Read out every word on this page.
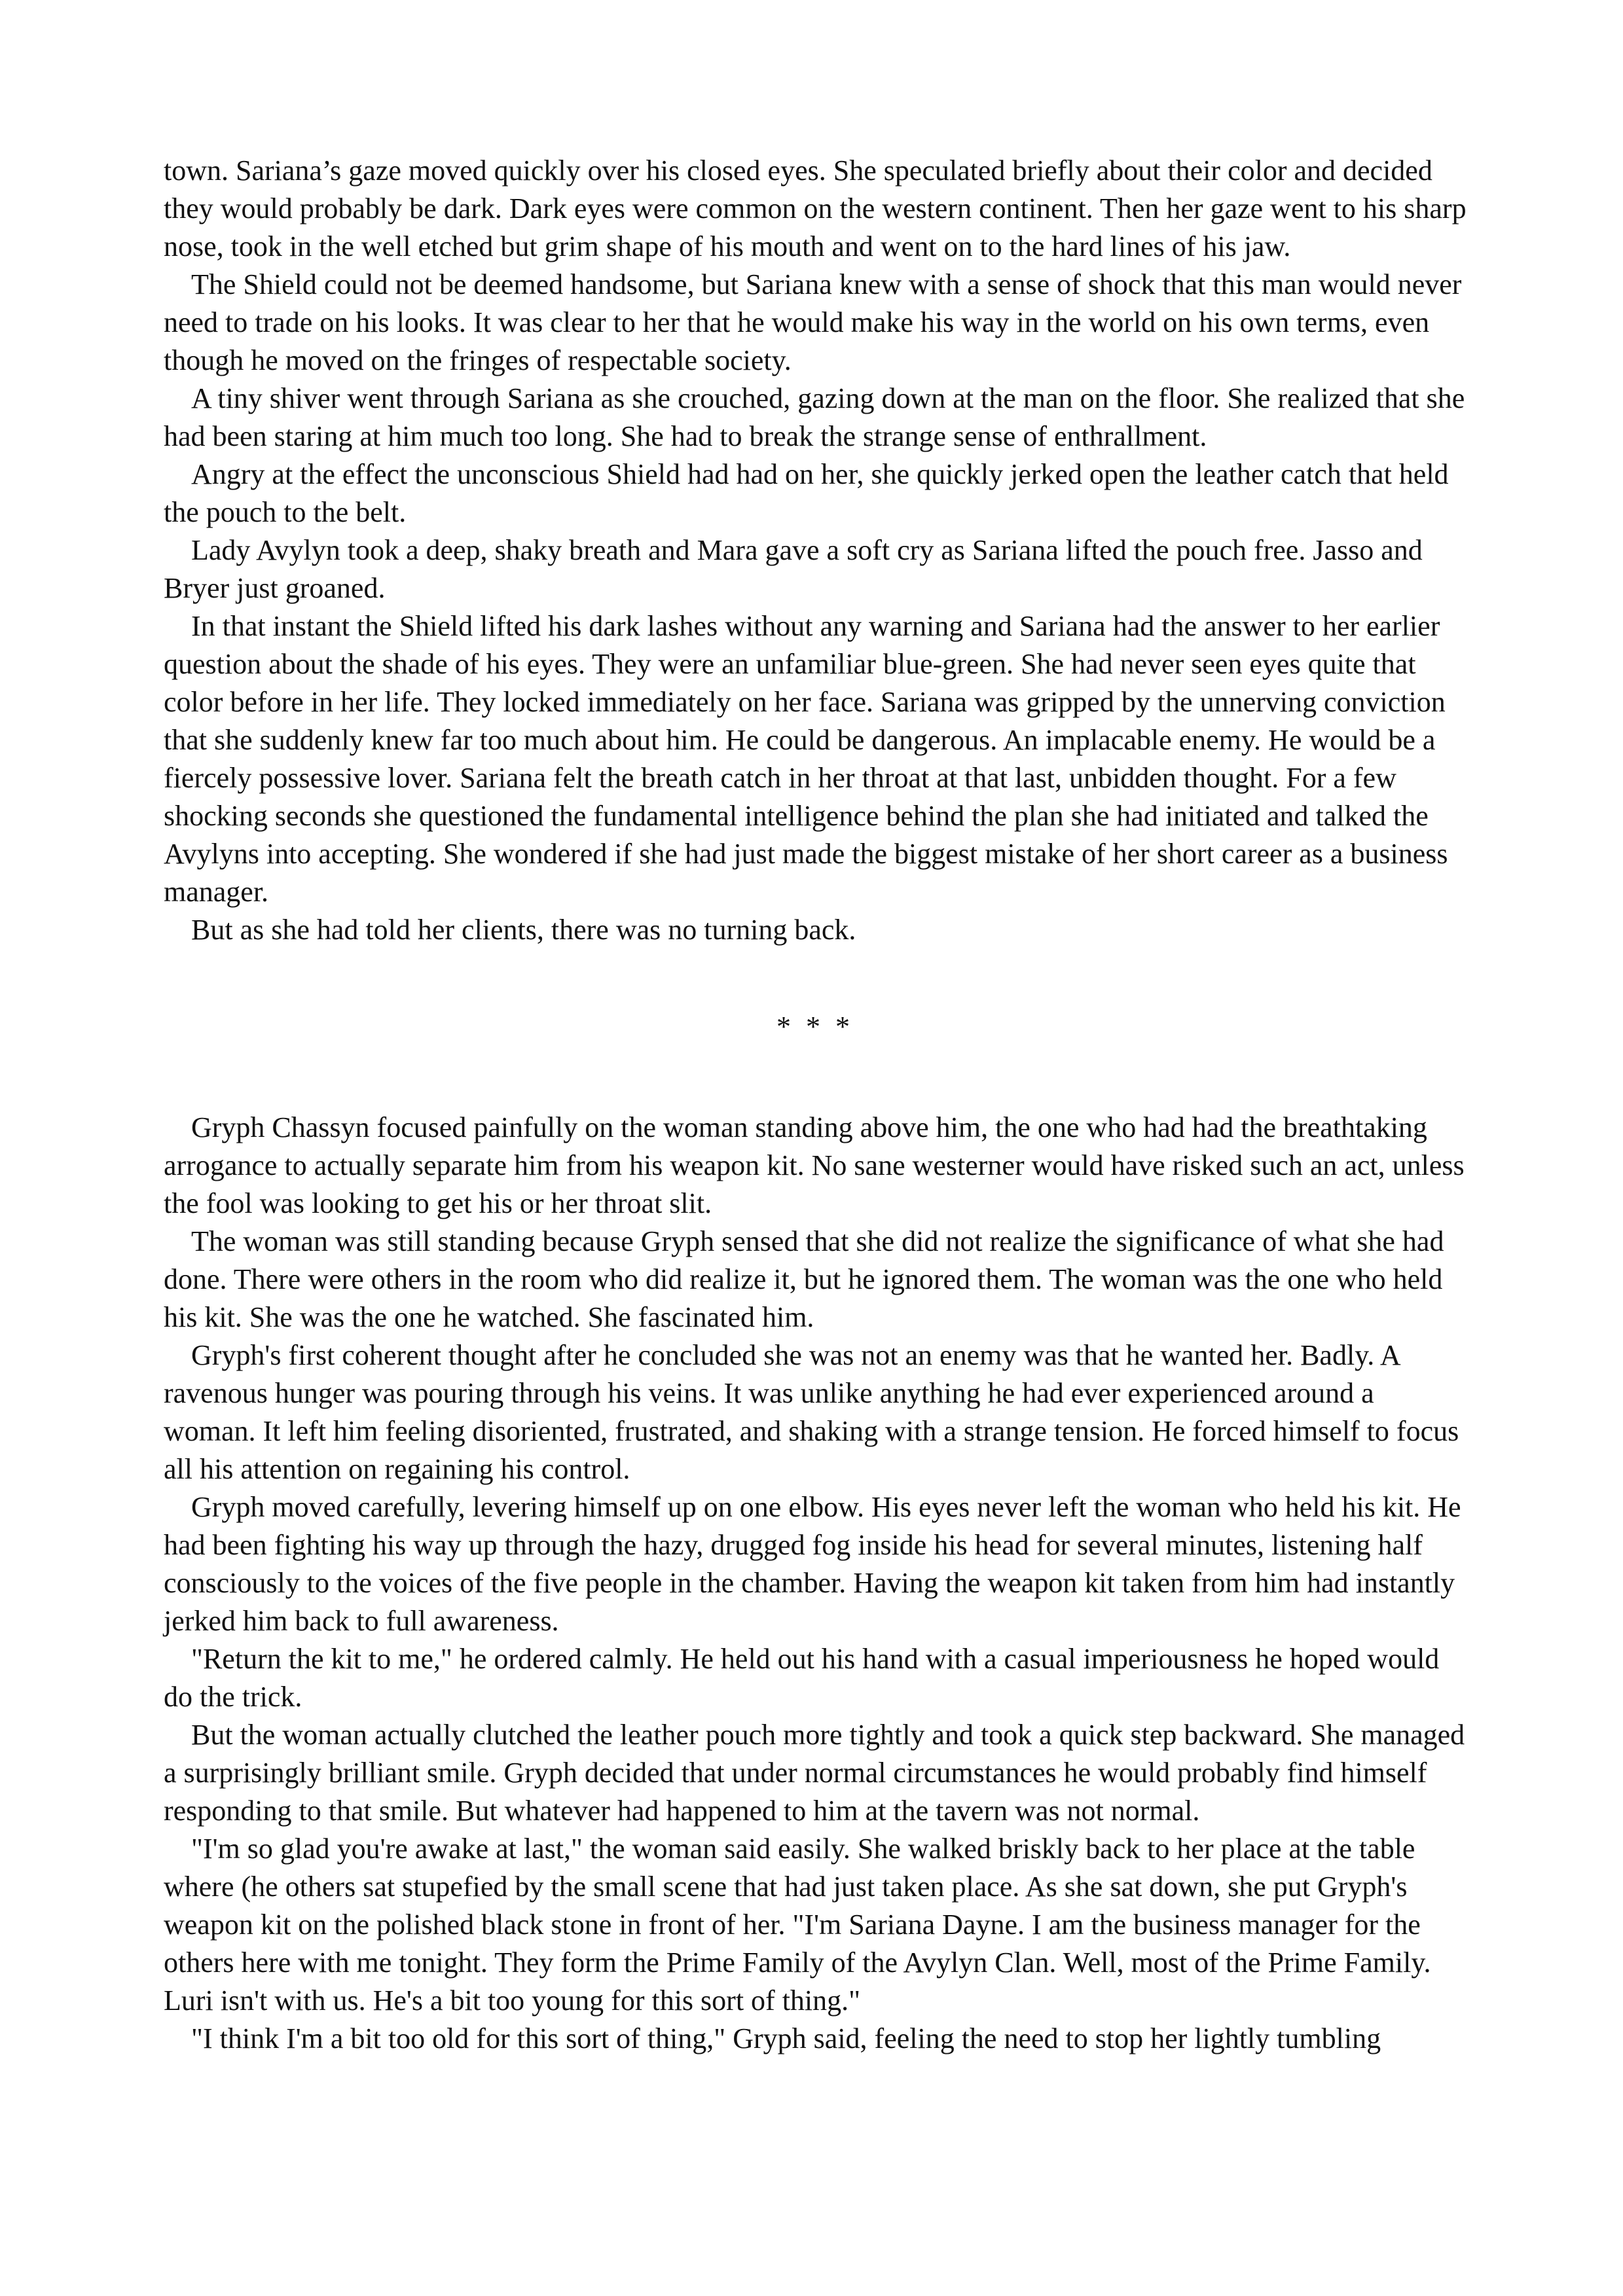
town. Sariana’s gaze moved quickly over his closed eyes. She speculated briefly about their color and decided they would probably be dark. Dark eyes were common on the western continent. Then her gaze went to his sharp nose, took in the well etched but grim shape of his mouth and went on to the hard lines of his jaw.

The Shield could not be deemed handsome, but Sariana knew with a sense of shock that this man would never need to trade on his looks. It was clear to her that he would make his way in the world on his own terms, even though he moved on the fringes of respectable society.

A tiny shiver went through Sariana as she crouched, gazing down at the man on the floor. She realized that she had been staring at him much too long. She had to break the strange sense of enthrallment.

Angry at the effect the unconscious Shield had had on her, she quickly jerked open the leather catch that held the pouch to the belt.

Lady Avylyn took a deep, shaky breath and Mara gave a soft cry as Sariana lifted the pouch free. Jasso and Bryer just groaned.

In that instant the Shield lifted his dark lashes without any warning and Sariana had the answer to her earlier question about the shade of his eyes. They were an unfamiliar blue-green. She had never seen eyes quite that color before in her life. They locked immediately on her face. Sariana was gripped by the unnerving conviction that she suddenly knew far too much about him. He could be dangerous. An implacable enemy. He would be a fiercely possessive lover. Sariana felt the breath catch in her throat at that last, unbidden thought. For a few shocking seconds she questioned the fundamental intelligence behind the plan she had initiated and talked the Avylyns into accepting. She wondered if she had just made the biggest mistake of her short career as a business manager.

But as she had told her clients, there was no turning back.

* * *

Gryph Chassyn focused painfully on the woman standing above him, the one who had had the breathtaking arrogance to actually separate him from his weapon kit. No sane westerner would have risked such an act, unless the fool was looking to get his or her throat slit.

The woman was still standing because Gryph sensed that she did not realize the significance of what she had done. There were others in the room who did realize it, but he ignored them. The woman was the one who held his kit. She was the one he watched. She fascinated him.

Gryph's first coherent thought after he concluded she was not an enemy was that he wanted her. Badly. A ravenous hunger was pouring through his veins. It was unlike anything he had ever experienced around a woman. It left him feeling disoriented, frustrated, and shaking with a strange tension. He forced himself to focus all his attention on regaining his control.

Gryph moved carefully, levering himself up on one elbow. His eyes never left the woman who held his kit. He had been fighting his way up through the hazy, drugged fog inside his head for several minutes, listening half consciously to the voices of the five people in the chamber. Having the weapon kit taken from him had instantly jerked him back to full awareness.

"Return the kit to me," he ordered calmly. He held out his hand with a casual imperiousness he hoped would do the trick.

But the woman actually clutched the leather pouch more tightly and took a quick step backward. She managed a surprisingly brilliant smile. Gryph decided that under normal circumstances he would probably find himself responding to that smile. But whatever had happened to him at the tavern was not normal.

"I'm so glad you're awake at last," the woman said easily. She walked briskly back to her place at the table where (he others sat stupefied by the small scene that had just taken place. As she sat down, she put Gryph's weapon kit on the polished black stone in front of her. "I'm Sariana Dayne. I am the business manager for the others here with me tonight. They form the Prime Family of the Avylyn Clan. Well, most of the Prime Family. Luri isn't with us. He's a bit too young for this sort of thing."

"I think I'm a bit too old for this sort of thing," Gryph said, feeling the need to stop her lightly tumbling
